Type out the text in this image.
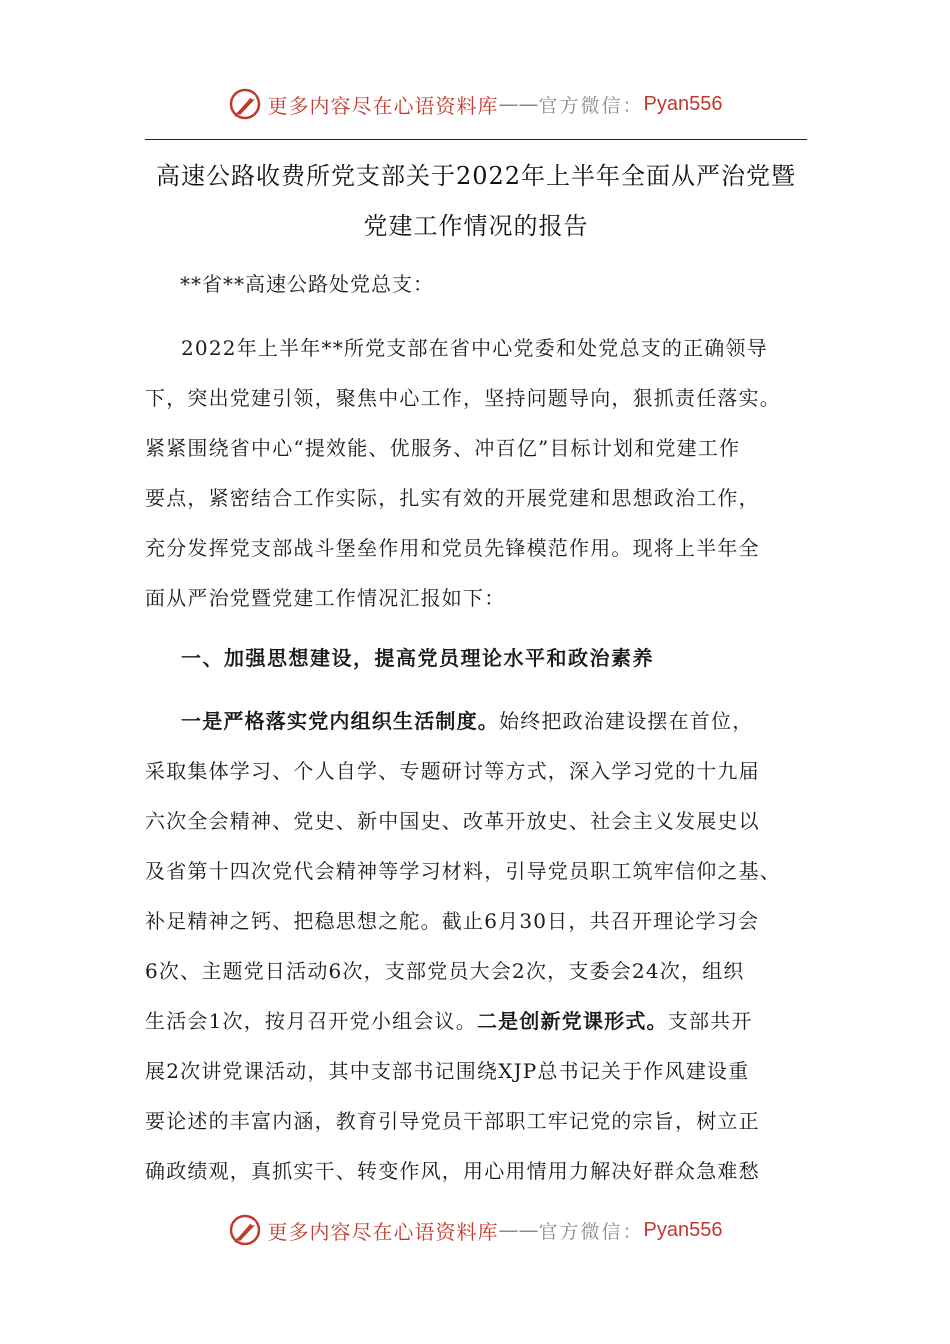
更多内容尽在心语资料库 —— 官方微信： Pyan556
高速公路收费所党支部关于2022年上半年全面从严治党暨
党建工作情况的报告
**省**高速公路处党总支：
2022年上半年**所党支部在省中心党委和处党总支的正确领导
下，突出党建引领，聚焦中心工作，坚持问题导向，狠抓责任落实。
紧紧围绕省中心“提效能、优服务、冲百亿”目标计划和党建工作
要点，紧密结合工作实际，扎实有效的开展党建和思想政治工作，
充分发挥党支部战斗堡垒作用和党员先锋模范作用。现将上半年全
面从严治党暨党建工作情况汇报如下：
一、加强思想建设，提高党员理论水平和政治素养
一是严格落实党内组织生活制度。始终把政治建设摆在首位，
采取集体学习、个人自学、专题研讨等方式，深入学习党的十九届
六次全会精神、党史、新中国史、改革开放史、社会主义发展史以
及省第十四次党代会精神等学习材料，引导党员职工筑牢信仰之基、
补足精神之钙、把稳思想之舵。截止6月30日，共召开理论学习会
6次、主题党日活动6次，支部党员大会2次，支委会24次，组织
生活会1次，按月召开党小组会议。二是创新党课形式。支部共开
展2次讲党课活动，其中支部书记围绕XJP总书记关于作风建设重
要论述的丰富内涵，教育引导党员干部职工牢记党的宗旨，树立正
确政绩观，真抓实干、转变作风，用心用情用力解决好群众急难愁
更多内容尽在心语资料库 —— 官方微信： Pyan556
